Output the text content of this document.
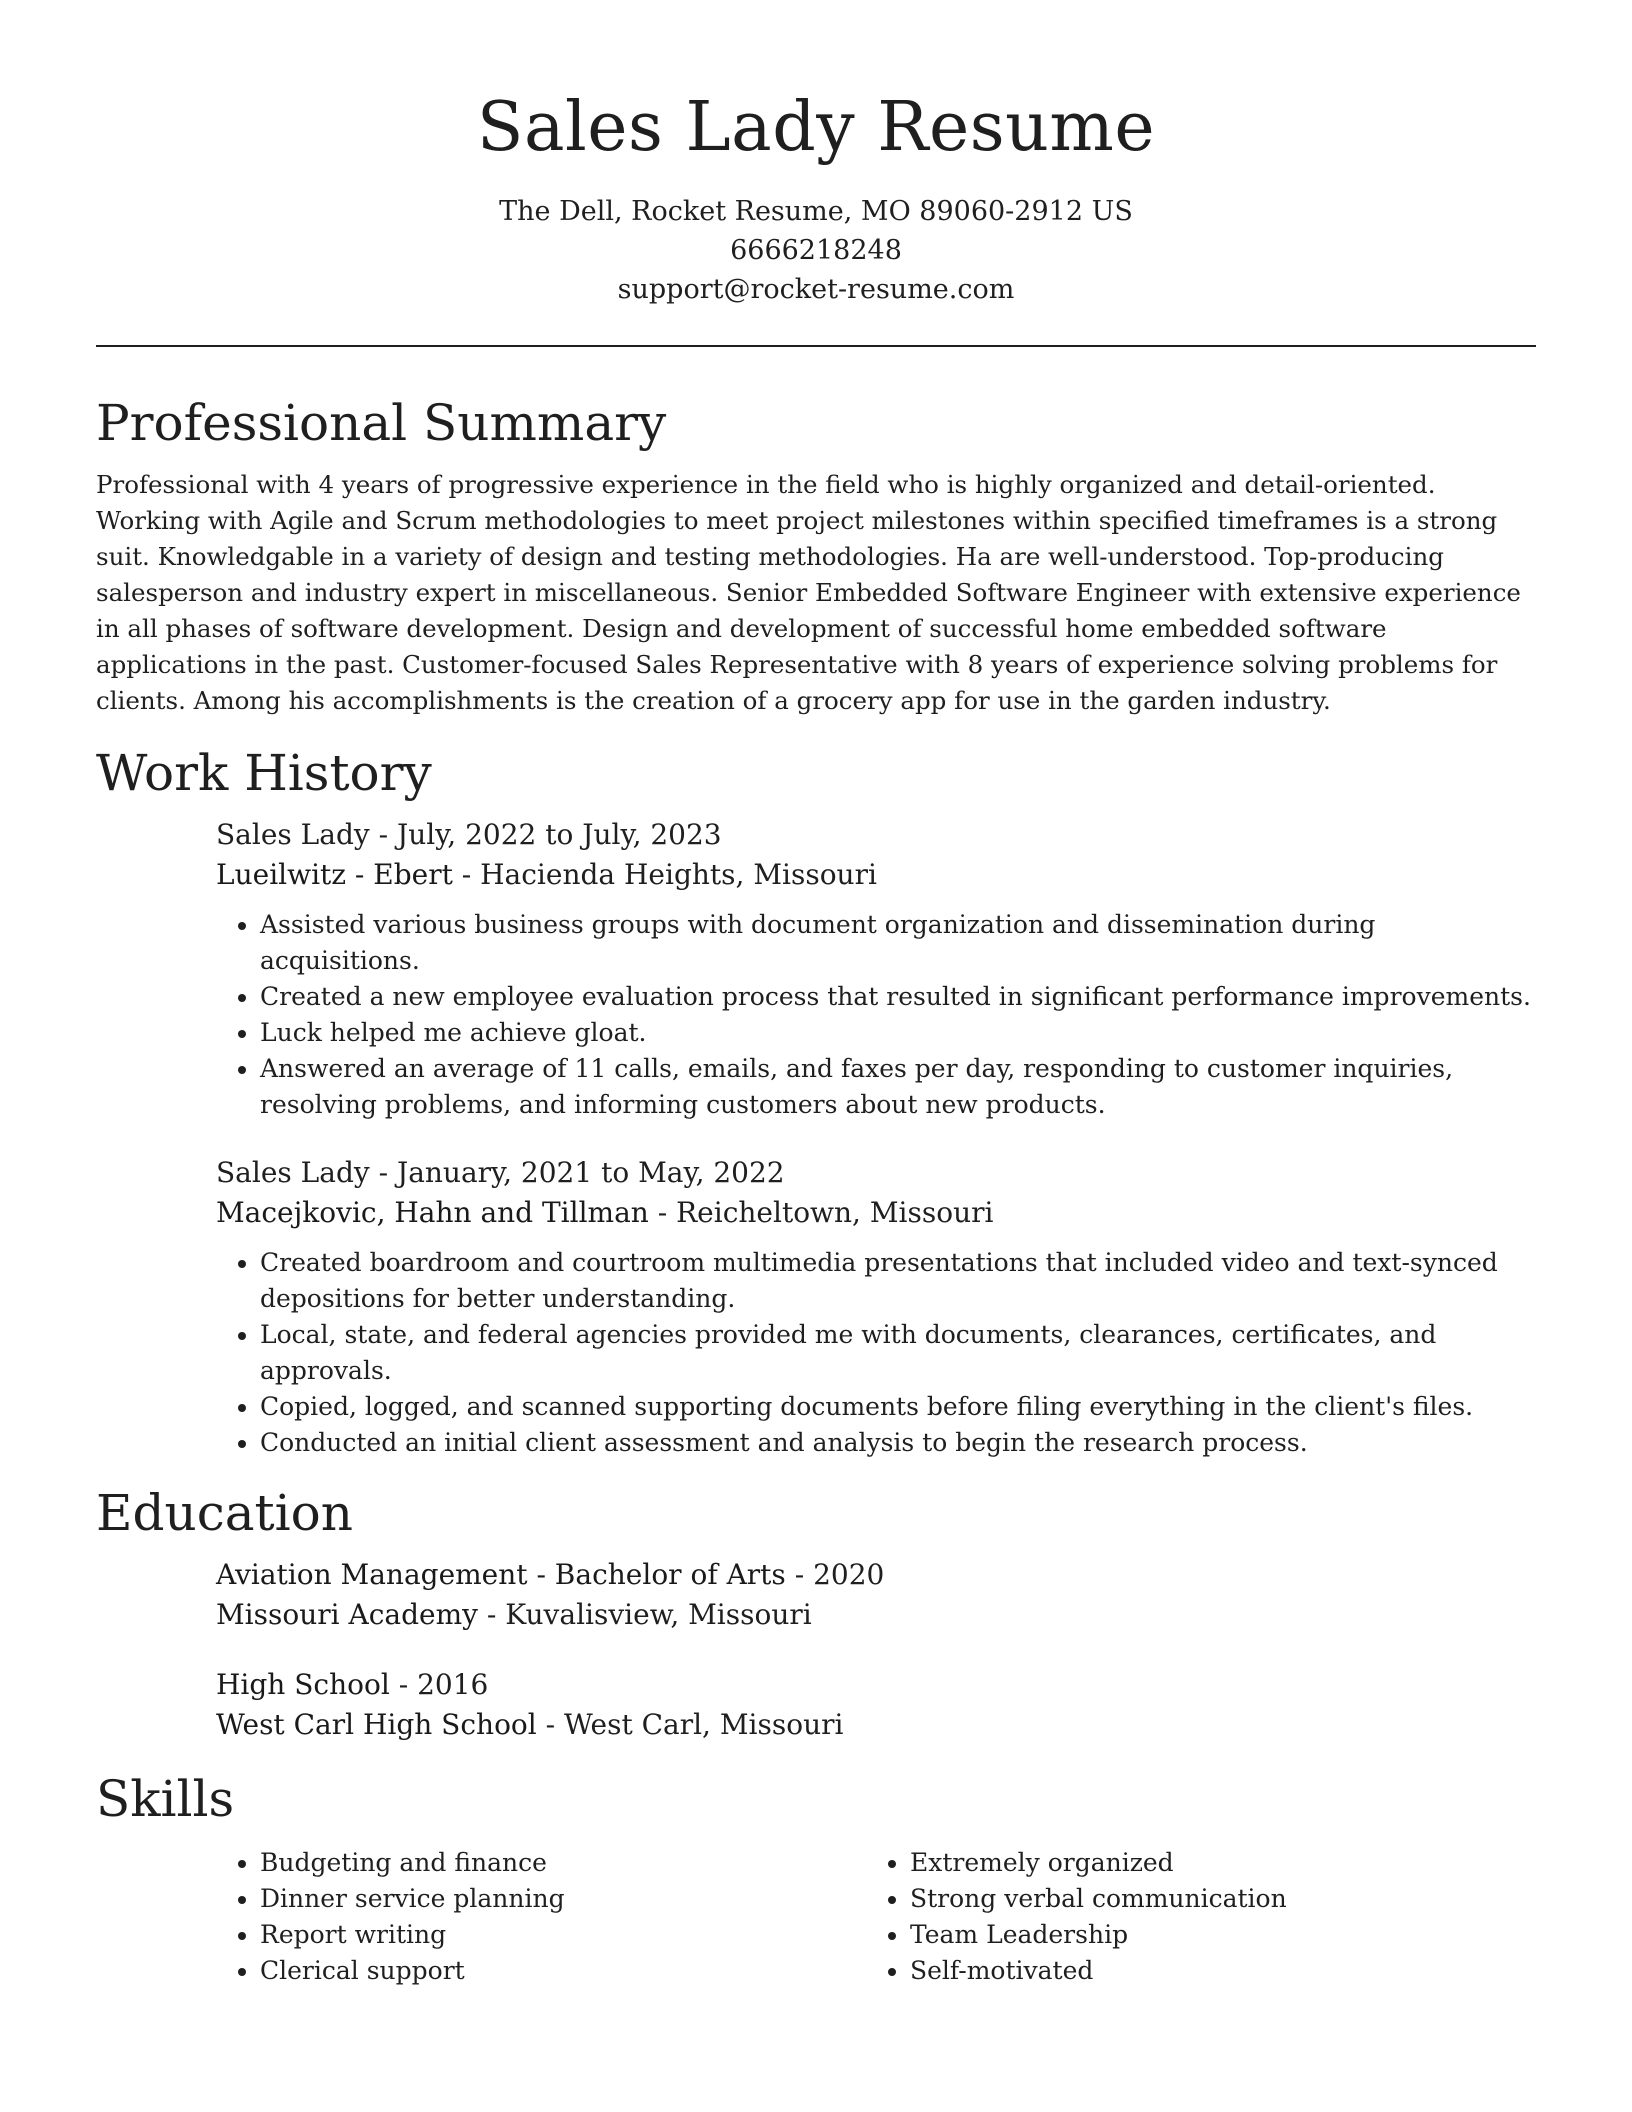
Sales Lady Resume
The Dell, Rocket Resume, MO 89060-2912 US
6666218248
support@rocket-resume.com
Professional Summary

Professional with 4 years of progressive experience in the field who is highly organized and detail-oriented. Working with Agile and Scrum methodologies to meet project milestones within specified timeframes is a strong suit. Knowledgable in a variety of design and testing methodologies. Ha are well-understood. Top-producing salesperson and industry expert in miscellaneous. Senior Embedded Software Engineer with extensive experience in all phases of software development. Design and development of successful home embedded software applications in the past. Customer-focused Sales Representative with 8 years of experience solving problems for clients. Among his accomplishments is the creation of a grocery app for use in the garden industry.

Work History
Sales Lady - July, 2022 to July, 2023
Lueilwitz - Ebert - Hacienda Heights, Missouri
• Assisted various business groups with document organization and dissemination during acquisitions.
• Created a new employee evaluation process that resulted in significant performance improvements.
• Luck helped me achieve gloat.
• Answered an average of 11 calls, emails, and faxes per day, responding to customer inquiries, resolving problems, and informing customers about new products.
Sales Lady - January, 2021 to May, 2022
Macejkovic, Hahn and Tillman - Reicheltown, Missouri
• Created boardroom and courtroom multimedia presentations that included video and text-synced depositions for better understanding.
• Local, state, and federal agencies provided me with documents, clearances, certificates, and approvals.
• Copied, logged, and scanned supporting documents before filing everything in the client's files.
• Conducted an initial client assessment and analysis to begin the research process.
Education
Aviation Management - Bachelor of Arts - 2020
Missouri Academy - Kuvalisview, Missouri
High School - 2016
West Carl High School - West Carl, Missouri
Skills
• Budgeting and finance
• Dinner service planning
• Report writing
• Clerical support
• Extremely organized
• Strong verbal communication
• Team Leadership
• Self-motivated
